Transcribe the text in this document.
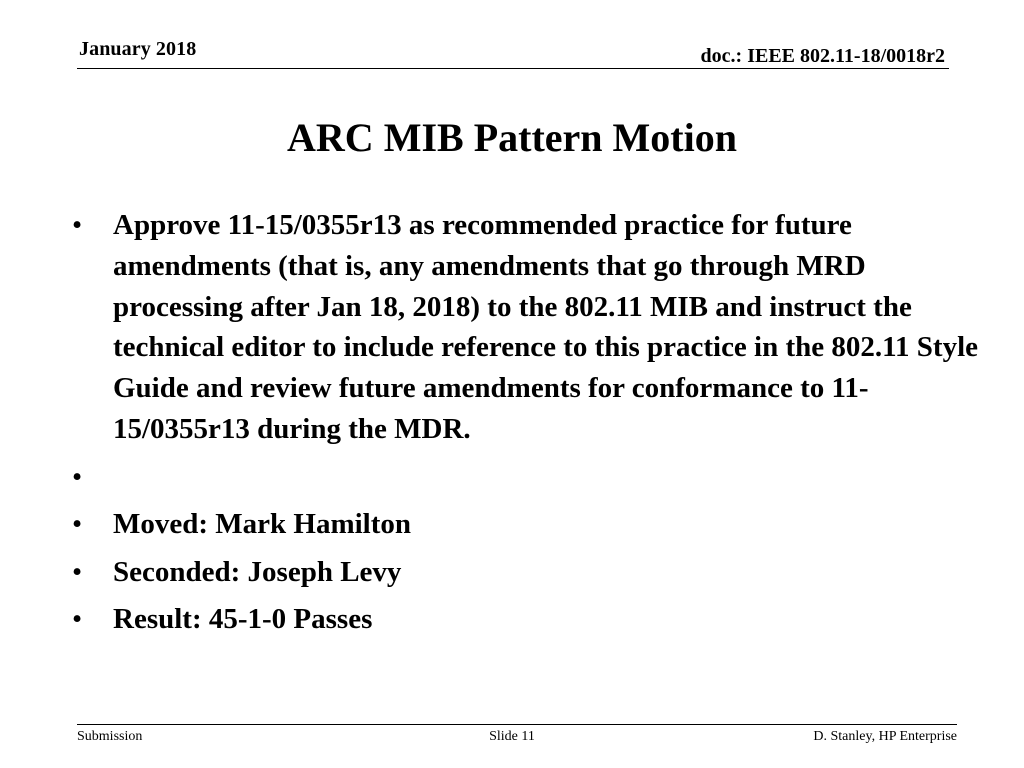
January 2018	doc.: IEEE 802.11-18/0018r2
ARC MIB Pattern Motion
• Approve 11-15/0355r13 as recommended practice for future amendments (that is, any amendments that go through MRD processing after Jan 18, 2018) to the 802.11 MIB and instruct the technical editor to include reference to this practice in the 802.11 Style Guide and review future amendments for conformance to 11-15/0355r13 during the MDR.
•
• Moved: Mark Hamilton
• Seconded: Joseph Levy
• Result: 45-1-0 Passes
Submission	Slide 11	D. Stanley, HP Enterprise
